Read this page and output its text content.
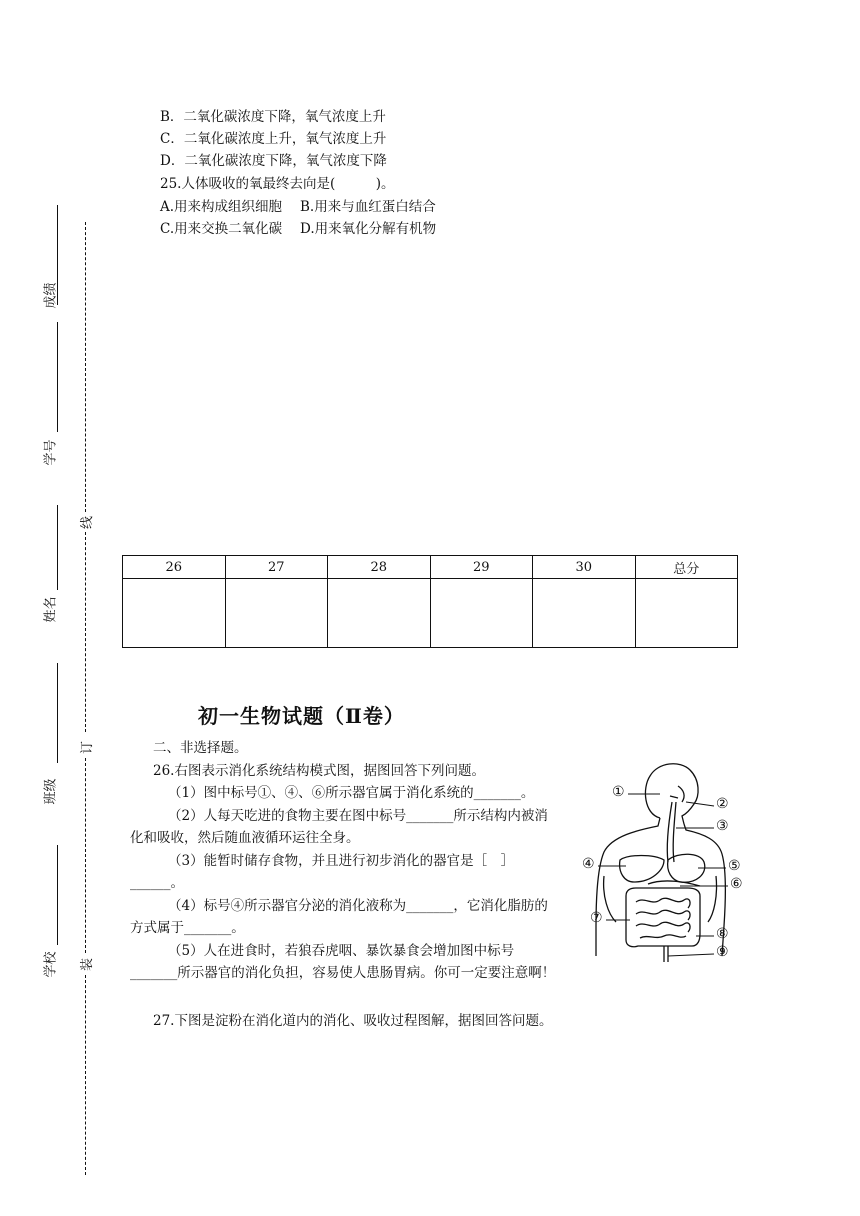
B．二氧化碳浓度下降，氧气浓度上升
C．二氧化碳浓度上升，氧气浓度上升
D．二氧化碳浓度下降，氧气浓度下降
25.人体吸收的氧最终去向是(　　　)。
A.用来构成组织细胞 B.用来与血红蛋白结合
C.用来交换二氧化碳 D.用来氧化分解有机物
成绩
学号
姓名
班级
学校
线
订
装
26	27	28	29	30	总分

初一生物试题（Ⅱ卷）
二、非选择题。
26.右图表示消化系统结构模式图，据图回答下列问题。
（1）图中标号①、④、⑥所示器官属于消化系统的_______。
（2）人每天吃进的食物主要在图中标号_______所示结构内被消化和吸收，然后随血液循环运往全身。
（3）能暂时储存食物，并且进行初步消化的器官是［　］______。
（4）标号④所示器官分泌的消化液称为_______，它消化脂肪的方式属于_______。
（5）人在进食时，若狼吞虎咽、暴饮暴食会增加图中标号_______所示器官的消化负担，容易使人患肠胃病。你可一定要注意啊！
27.下图是淀粉在消化道内的消化、吸收过程图解，据图回答问题。
①
②
③
④	⑤
⑥
⑦
⑧
⑨
